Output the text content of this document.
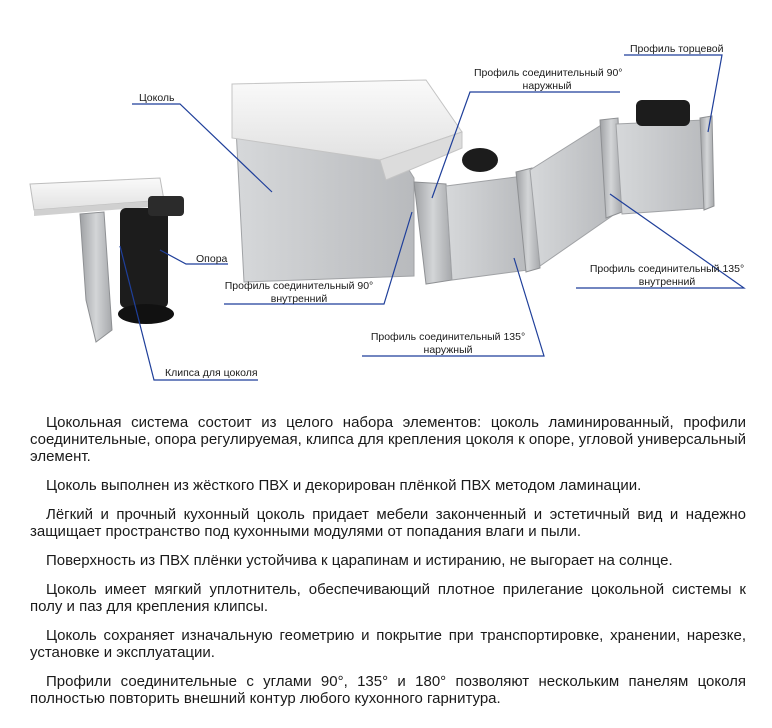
Цоколь
Опора
Клипса для цоколя
Профиль соединительный 90°
наружный
Профиль торцевой
Профиль соединительный 90°
внутренний
Профиль соединительный 135°
внутренний
Профиль соединительный 135°
наружный

Цокольная система состоит из целого набора элементов: цоколь ламинированный, профили соединительные, опора регулируемая, клипса для крепления цоколя к опоре, угловой универсальный элемент.

Цоколь выполнен из жёсткого ПВХ и декорирован плёнкой ПВХ методом ламинации.

Лёгкий и прочный кухонный цоколь придает мебели законченный и эстетичный вид и надежно защищает пространство под кухонными модулями от попадания влаги и пыли.

Поверхность из ПВХ плёнки устойчива к царапинам и истиранию, не выгорает на солнце.

Цоколь имеет мягкий уплотнитель, обеспечивающий плотное прилегание цокольной системы к полу и паз для крепления клипсы.

Цоколь сохраняет изначальную геометрию и покрытие при транспортировке, хранении, нарезке, установке и эксплуатации.

Профили соединительные с углами 90°, 135° и 180° позволяют нескольким панелям цоколя полностью повторить внешний контур любого кухонного гарнитура.
